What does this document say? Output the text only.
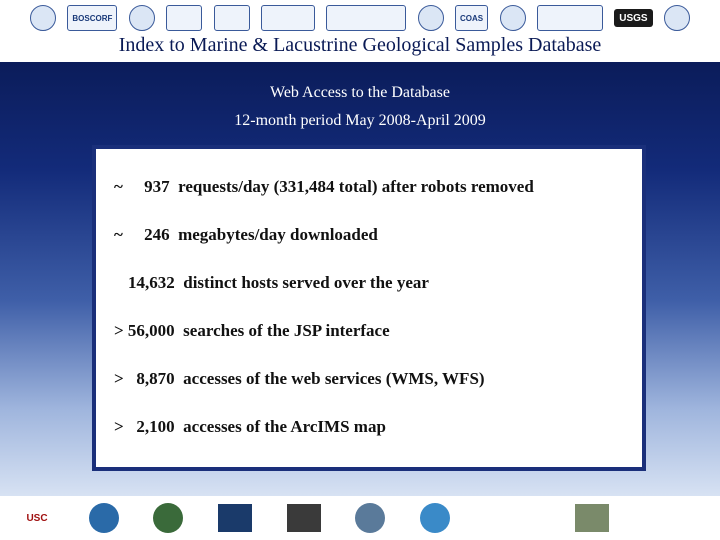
BOSCORF	COAS	USGS
Index to Marine & Lacustrine Geological Samples Database
Web Access to the Database
12-month period May 2008-April 2009
~     937  requests/day (331,484 total) after robots removed
~     246  megabytes/day downloaded
14,632  distinct hosts served over the year
> 56,000  searches of the JSP interface
>   8,870  accesses of the web services (WMS, WFS)
>   2,100  accesses of the ArcIMS map
USC
